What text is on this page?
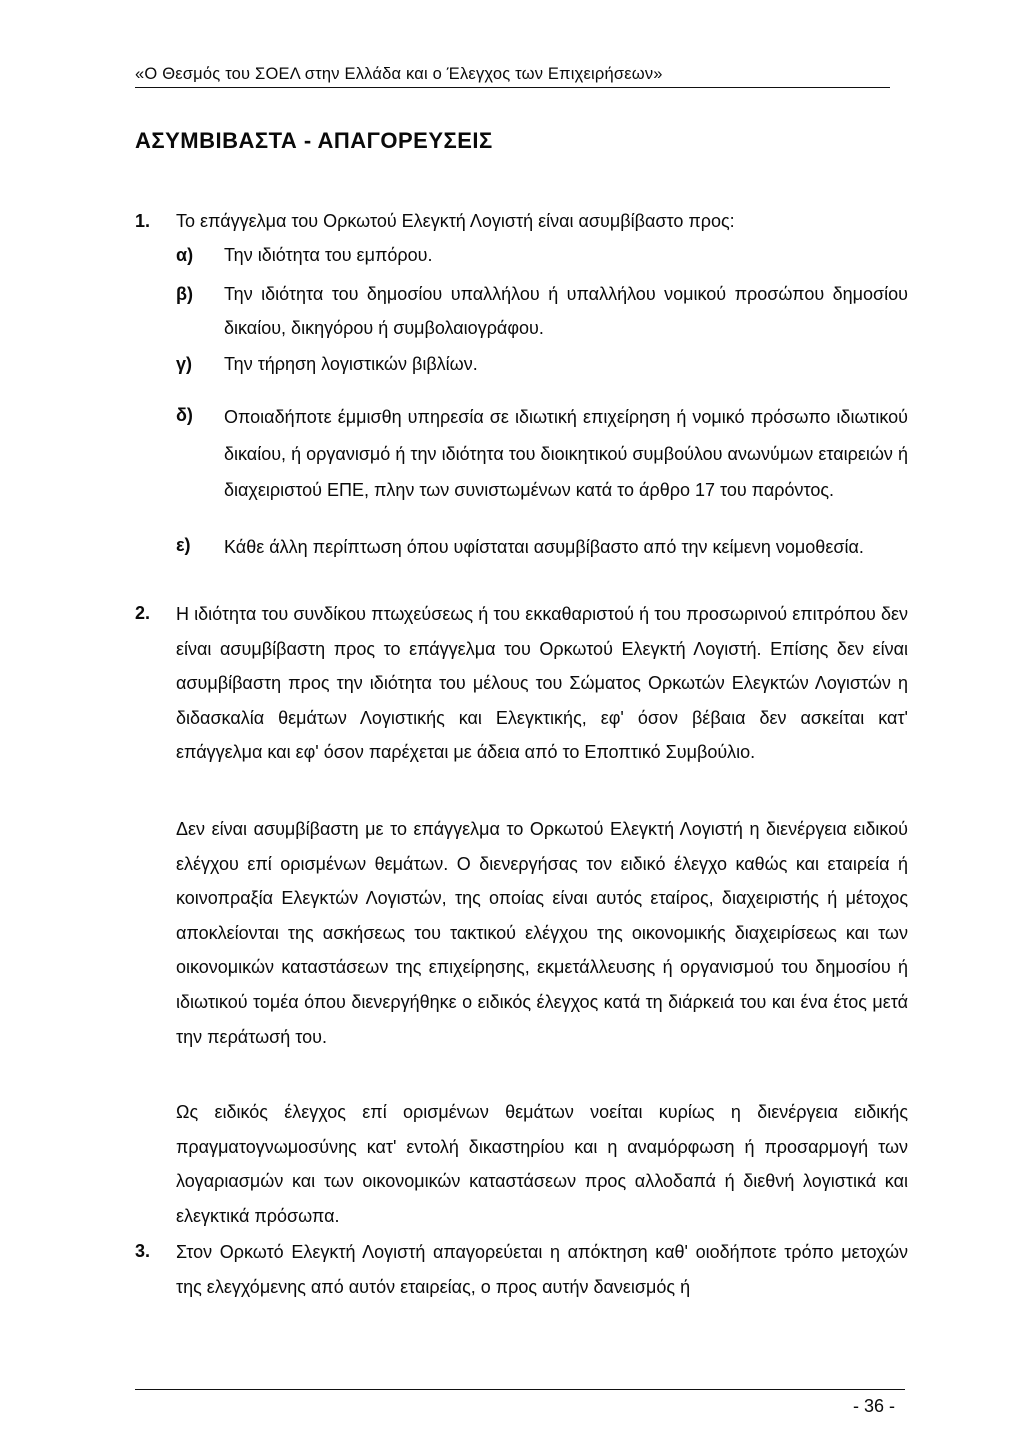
«Ο Θεσμός του ΣΟΕΛ στην Ελλάδα και ο Έλεγχος των Επιχειρήσεων»
ΑΣΥΜΒΙΒΑΣΤΑ - ΑΠΑΓΟΡΕΥΣΕΙΣ
1. Το επάγγελμα του Ορκωτού Ελεγκτή Λογιστή είναι ασυμβίβαστο προς:
α) Την ιδιότητα του εμπόρου.
β) Την ιδιότητα του δημοσίου υπαλλήλου ή υπαλλήλου νομικού προσώπου δημοσίου δικαίου, δικηγόρου ή συμβολαιογράφου.
γ) Την τήρηση λογιστικών βιβλίων.
δ) Οποιαδήποτε έμμισθη υπηρεσία σε ιδιωτική επιχείρηση ή νομικό πρόσωπο ιδιωτικού δικαίου, ή οργανισμό ή την ιδιότητα του διοικητικού συμβούλου ανωνύμων εταιρειών ή διαχειριστού ΕΠΕ, πλην των συνιστωμένων κατά το άρθρο 17 του παρόντος.
ε) Κάθε άλλη περίπτωση όπου υφίσταται ασυμβίβαστο από την κείμενη νομοθεσία.
2. Η ιδιότητα του συνδίκου πτωχεύσεως ή του εκκαθαριστού ή του προσωρινού επιτρόπου δεν είναι ασυμβίβαστη προς το επάγγελμα του Ορκωτού Ελεγκτή Λογιστή. Επίσης δεν είναι ασυμβίβαστη προς την ιδιότητα του μέλους του Σώματος Ορκωτών Ελεγκτών Λογιστών η διδασκαλία θεμάτων Λογιστικής και Ελεγκτικής, εφ' όσον βέβαια δεν ασκείται κατ' επάγγελμα και εφ' όσον παρέχεται με άδεια από το Εποπτικό Συμβούλιο.
Δεν είναι ασυμβίβαστη με το επάγγελμα το Ορκωτού Ελεγκτή Λογιστή η διενέργεια ειδικού ελέγχου επί ορισμένων θεμάτων. Ο διενεργήσας τον ειδικό έλεγχο καθώς και εταιρεία ή κοινοπραξία Ελεγκτών Λογιστών, της οποίας είναι αυτός εταίρος, διαχειριστής ή μέτοχος αποκλείονται της ασκήσεως του τακτικού ελέγχου της οικονομικής διαχειρίσεως και των οικονομικών καταστάσεων της επιχείρησης, εκμετάλλευσης ή οργανισμού του δημοσίου ή ιδιωτικού τομέα όπου διενεργήθηκε ο ειδικός έλεγχος κατά τη διάρκειά του και ένα έτος μετά την περάτωσή του.
Ως ειδικός έλεγχος επί ορισμένων θεμάτων νοείται κυρίως η διενέργεια ειδικής πραγματογνωμοσύνης κατ' εντολή δικαστηρίου και η αναμόρφωση ή προσαρμογή των λογαριασμών και των οικονομικών καταστάσεων προς αλλοδαπά ή διεθνή λογιστικά και ελεγκτικά πρόσωπα.
3. Στον Ορκωτό Ελεγκτή Λογιστή απαγορεύεται η απόκτηση καθ' οιοδήποτε τρόπο μετοχών της ελεγχόμενης από αυτόν εταιρείας, ο προς αυτήν δανεισμός ή
- 36 -
